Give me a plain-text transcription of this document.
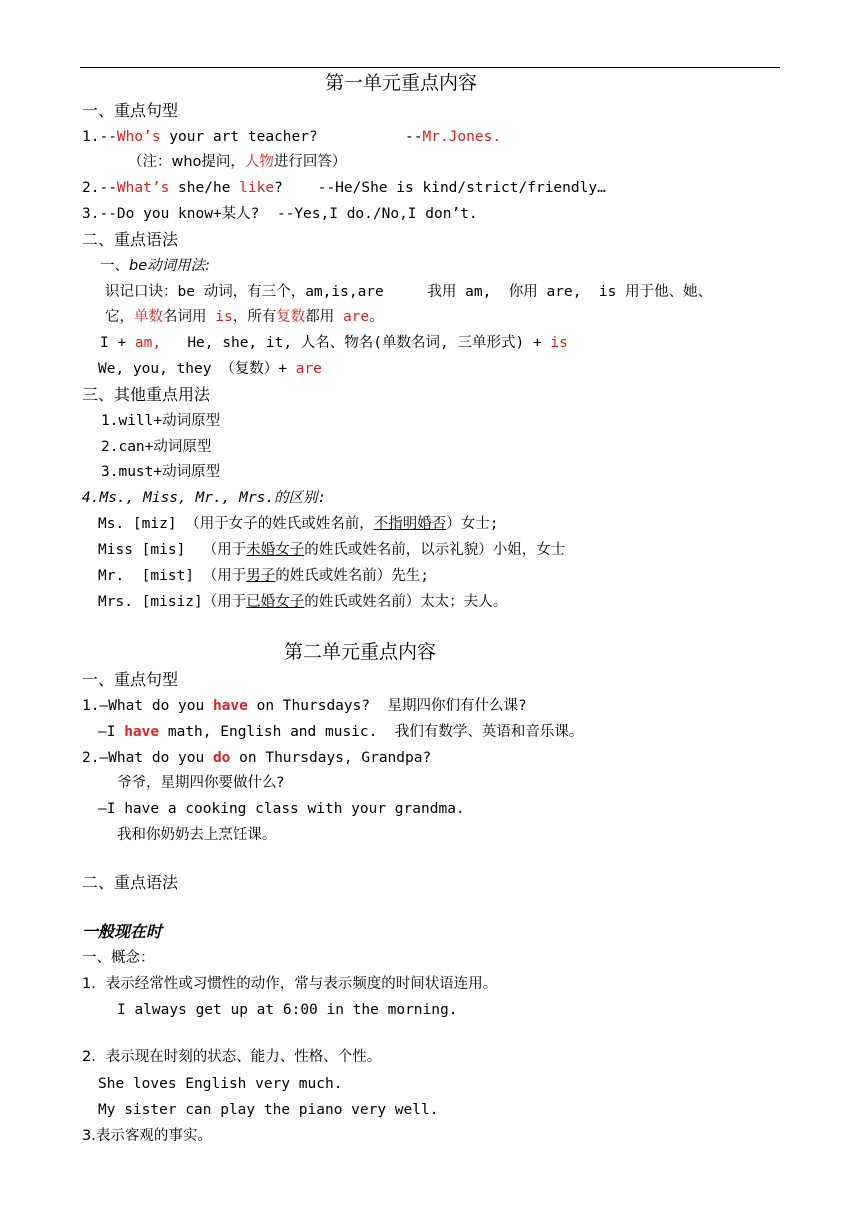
第一单元重点内容
一、重点句型
1.--Who’s your art teacher?          --Mr.Jones.
（注：who提问，人物进行回答）
2.--What’s she/he like?    --He/She is kind/strict/friendly…
3.--Do you know+某人?  --Yes,I do./No,I don’t.
二、重点语法
一、be动词用法:
识记口诀：be 动词，有三个，am,is,are     我用 am,  你用 are,  is 用于他、她、
它，单数名词用 is，所有复数都用 are。
I + am,   He, she, it, 人名、物名(单数名词, 三单形式) + is
We, you, they （复数）+ are
三、其他重点用法
1.will+动词原型
2.can+动词原型
3.must+动词原型
4.Ms., Miss, Mr., Mrs.的区别:
Ms. [miz] （用于女子的姓氏或姓名前，不指明婚否）女士;
Miss [mis]  （用于未婚女子的姓氏或姓名前，以示礼貌）小姐，女士
Mr.  [mist] （用于男子的姓氏或姓名前）先生;
Mrs. [misiz]（用于已婚女子的姓氏或姓名前）太太；夫人。
第二单元重点内容
一、重点句型
1.—What do you have on Thursdays?  星期四你们有什么课?
—I have math, English and music.  我们有数学、英语和音乐课。
2.—What do you do on Thursdays, Grandpa?
爷爷，星期四你要做什么?
—I have a cooking class with your grandma.
我和你奶奶去上烹饪课。
二、重点语法
一般现在时
一、概念：
1．表示经常性或习惯性的动作，常与表示频度的时间状语连用。
I always get up at 6:00 in the morning.
2．表示现在时刻的状态、能力、性格、个性。
She loves English very much.
My sister can play the piano very well.
3.表示客观的事实。
